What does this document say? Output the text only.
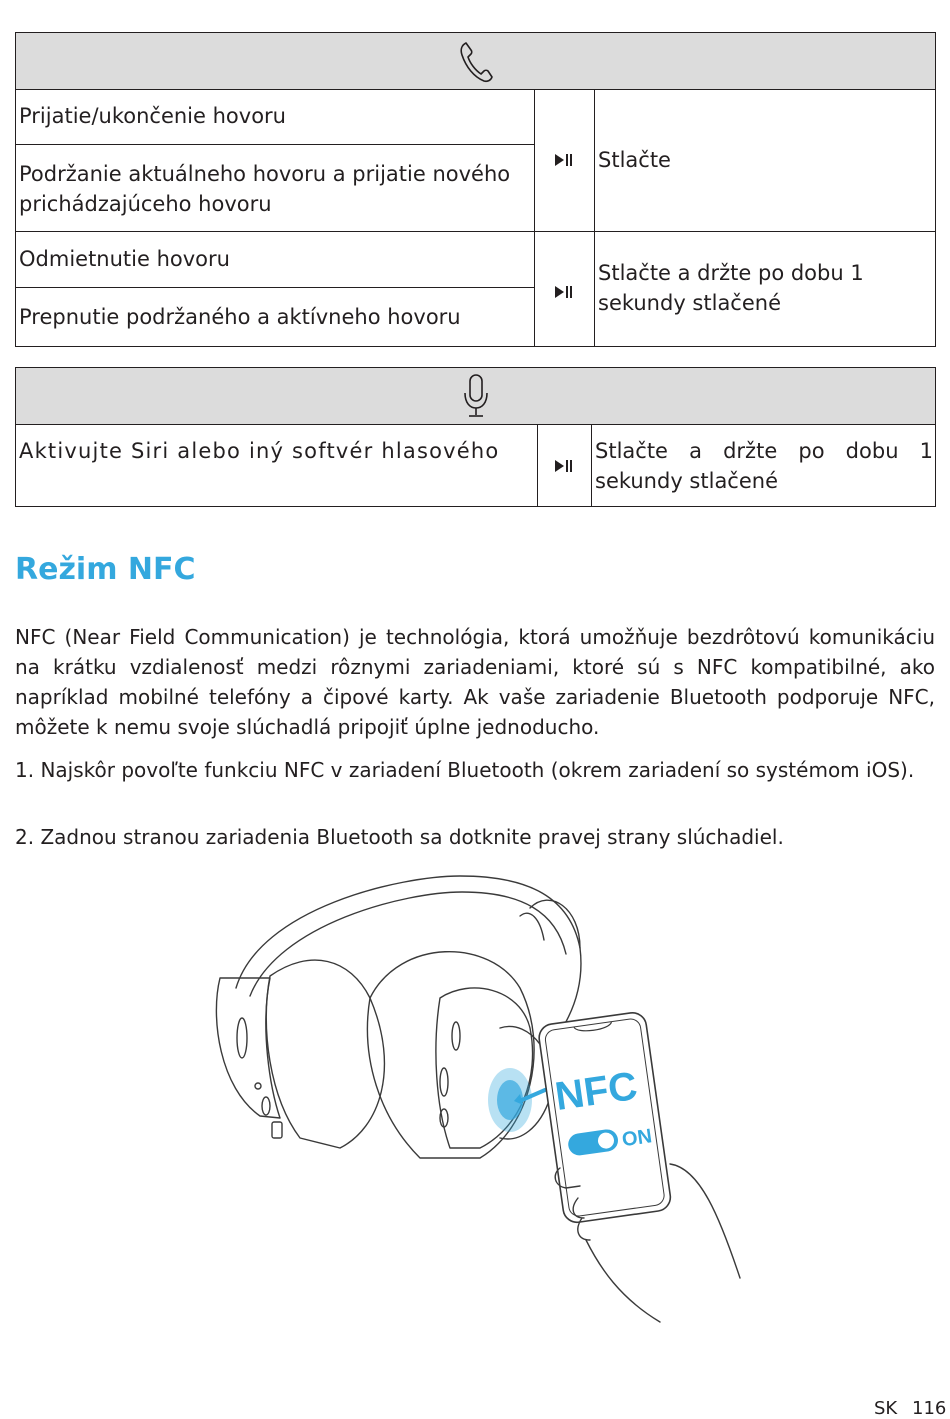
Prijatie/ukončenie hovoru
Podržanie aktuálneho hovoru a prijatie nového prichádzajúceho hovoru
Odmietnutie hovoru
Prepnutie podržaného a aktívneho hovoru
Stlačte
Stlačte a držte po dobu 1 sekundy stlačené
Aktivujte Siri alebo iný softvér hlasového	Stlačte a držte po dobu 1 sekundy stlačené
Režim NFC

NFC (Near Field Communication) je technológia, ktorá umožňuje bezdrôtovú komunikáciu na krátku vzdialenosť medzi rôznymi zariadeniami, ktoré sú s NFC kompatibilné, ako napríklad mobilné telefóny a čipové karty. Ak vaše zariadenie Bluetooth podporuje NFC, môžete k nemu svoje slúchadlá pripojiť úplne jednoducho.

1. Najskôr povoľte funkciu NFC v zariadení Bluetooth (okrem zariadení so systémom iOS).

2. Zadnou stranou zariadenia Bluetooth sa dotknite pravej strany slúchadiel.

NFC
ON
SK 116
